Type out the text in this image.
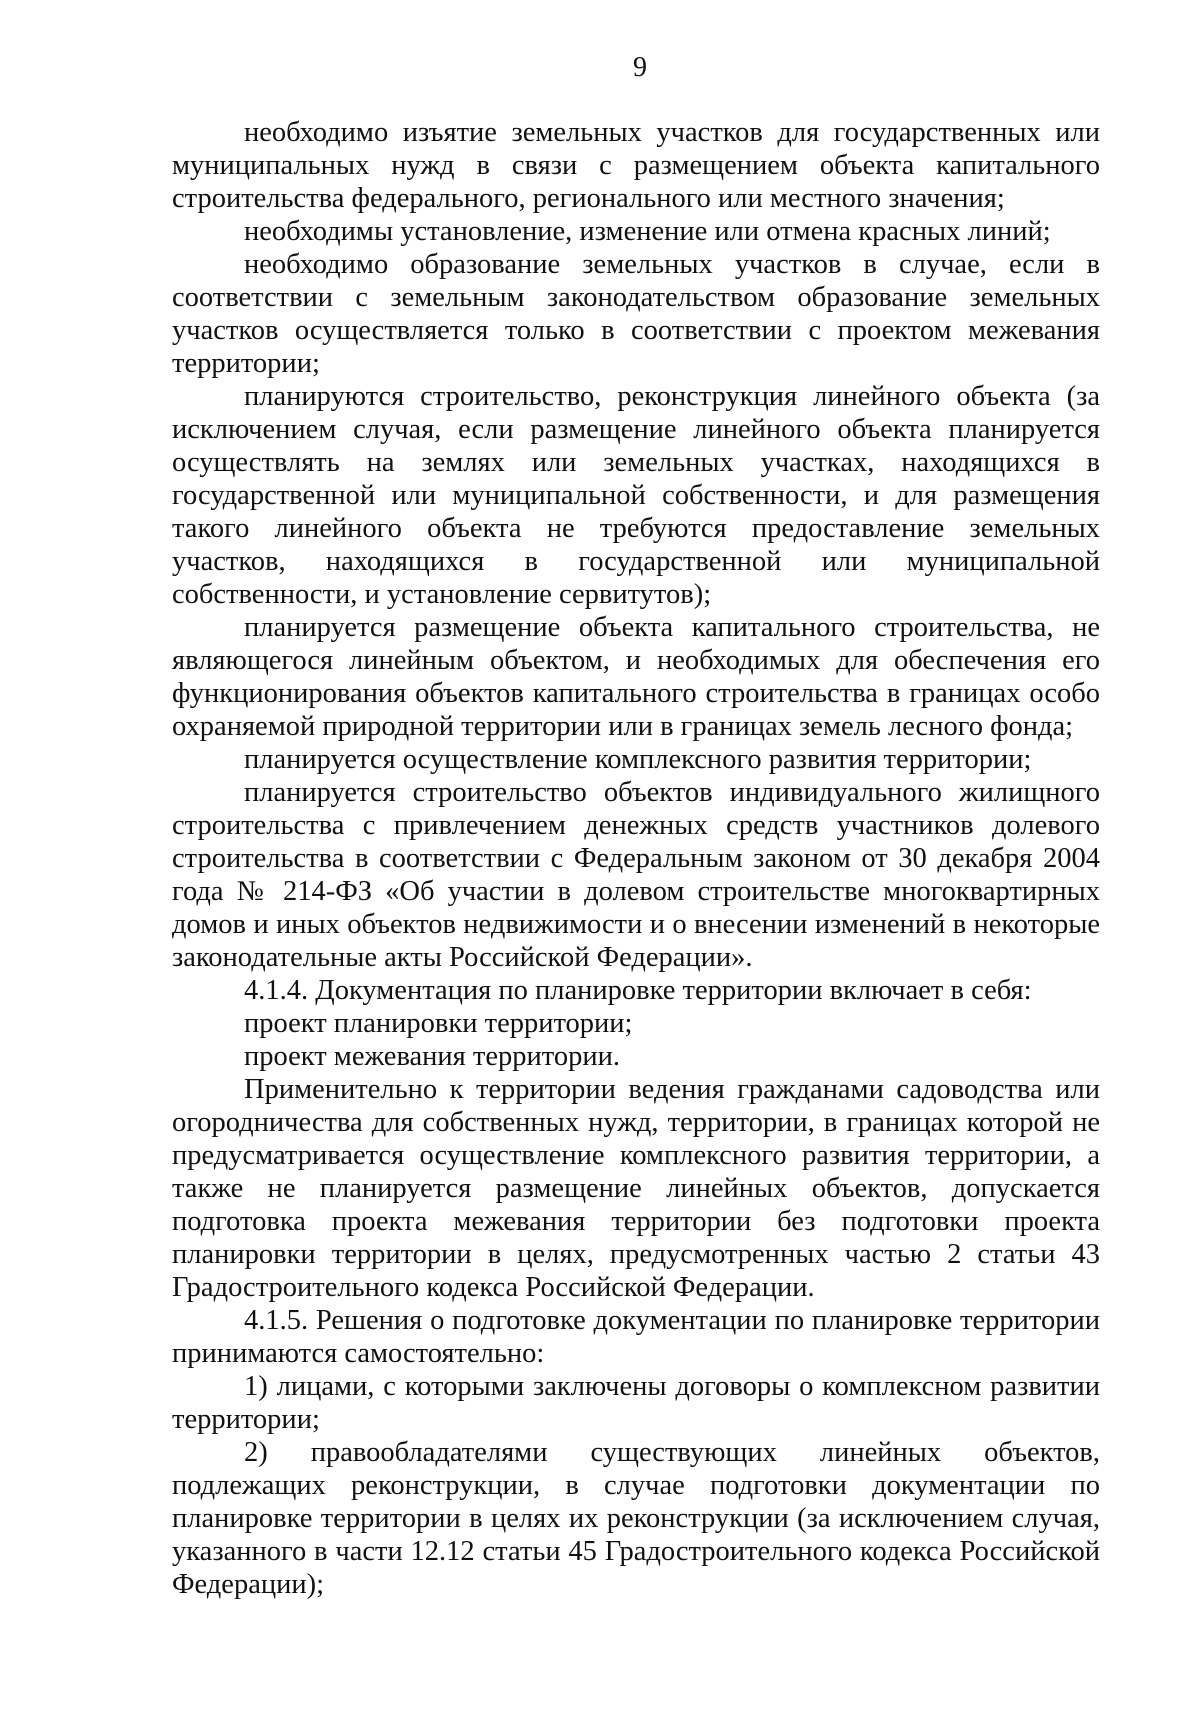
9

необходимо изъятие земельных участков для государственных или муниципальных нужд в связи с размещением объекта капитального строительства федерального, регионального или местного значения;

необходимы установление, изменение или отмена красных линий;

необходимо образование земельных участков в случае, если в соответствии с земельным законодательством образование земельных участков осуществляется только в соответствии с проектом межевания территории;

планируются строительство, реконструкция линейного объекта (за исключением случая, если размещение линейного объекта планируется осуществлять на землях или земельных участках, находящихся в государственной или муниципальной собственности, и для размещения такого линейного объекта не требуются предоставление земельных участков, находящихся в государственной или муниципальной собственности, и установление сервитутов);

планируется размещение объекта капитального строительства, не являющегося линейным объектом, и необходимых для обеспечения его функционирования объектов капитального строительства в границах особо охраняемой природной территории или в границах земель лесного фонда;

планируется осуществление комплексного развития территории;

планируется строительство объектов индивидуального жилищного строительства с привлечением денежных средств участников долевого строительства в соответствии с Федеральным законом от 30 декабря 2004 года № 214-ФЗ «Об участии в долевом строительстве многоквартирных домов и иных объектов недвижимости и о внесении изменений в некоторые законодательные акты Российской Федерации».

4.1.4. Документация по планировке территории включает в себя:

проект планировки территории;

проект межевания территории.

Применительно к территории ведения гражданами садоводства или огородничества для собственных нужд, территории, в границах которой не предусматривается осуществление комплексного развития территории, а также не планируется размещение линейных объектов, допускается подготовка проекта межевания территории без подготовки проекта планировки территории в целях, предусмотренных частью 2 статьи 43 Градостроительного кодекса Российской Федерации.

4.1.5. Решения о подготовке документации по планировке территории принимаются самостоятельно:

1) лицами, с которыми заключены договоры о комплексном развитии территории;

2) правообладателями существующих линейных объектов, подлежащих реконструкции, в случае подготовки документации по планировке территории в целях их реконструкции (за исключением случая, указанного в части 12.12 статьи 45 Градостроительного кодекса Российской Федерации);
